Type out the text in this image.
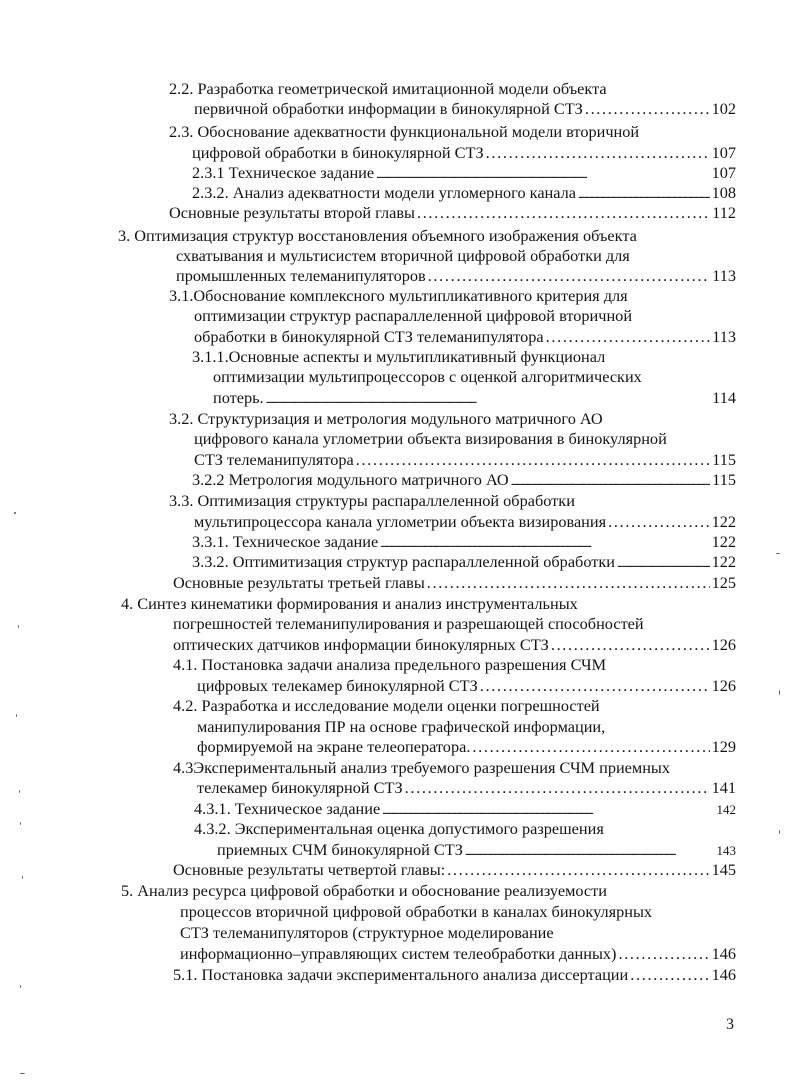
2.2. Разработка геометрической имитационной модели объекта
первичной обработки информации в бинокулярной СТЗ . . .	102
2.3. Обоснование адекватности функциональной модели вторичной
цифровой обработки в бинокулярной СТЗ . . .	107
2.3.1 Техническое задание . . .	107
2.3.2. Анализ адекватности модели угломерного канала . . .	108
Основные результаты второй главы . . .	112
3. Оптимизация структур восстановления объемного изображения объекта
схватывания и мультисистем вторичной цифровой обработки для
промышленных телеманипуляторов . . .	113
3.1.Обоснование комплексного мультипликативного критерия для
оптимизации структур распараллеленной цифровой вторичной
обработки в бинокулярной СТЗ телеманипулятора . . .	113
3.1.1.Основные аспекты и мультипликативный функционал
оптимизации мультипроцессоров с оценкой алгоритмических
потерь. . . .	114
3.2. Структуризация и метрология модульного матричного АО
цифрового канала углометрии объекта визирования в бинокулярной
СТЗ телеманипулятора . . .	115
3.2.2 Метрология модульного матричного АО . . .	115
3.3. Оптимизация структуры распараллеленной обработки
мультипроцессора канала углометрии объекта визирования . . .	122
3.3.1. Техническое задание . . .	122
3.3.2. Оптимитизация структур распараллеленной обработки . . .	122
Основные результаты третьей главы . . .	125
4. Синтез кинематики формирования и анализ инструментальных
погрешностей телеманипулирования и разрешающей способностей
оптических датчиков информации бинокулярных СТЗ . . .	126
4.1. Постановка задачи анализа предельного разрешения СЧМ
цифровых телекамер бинокулярной СТЗ . . .	126
4.2. Разработка и исследование модели оценки погрешностей
манипулирования ПР на основе графической информации,
формируемой на экране телеоператора. . . .	129
4.3Экспериментальный анализ требуемого разрешения СЧМ приемных
телекамер бинокулярной СТЗ . . .	141
4.3.1. Техническое задание . . .	142
4.3.2. Экспериментальная оценка допустимого разрешения
приемных СЧМ бинокулярной СТЗ . . .	143
Основные результаты четвертой главы: . . .	145
5. Анализ ресурса цифровой обработки и обоснование реализуемости
процессов вторичной цифровой обработки в каналах бинокулярных
СТЗ телеманипуляторов (структурное моделирование
информационно–управляющих систем телеобработки данных) . . .	146
5.1. Постановка задачи экспериментального анализа диссертации . . .	146
3
